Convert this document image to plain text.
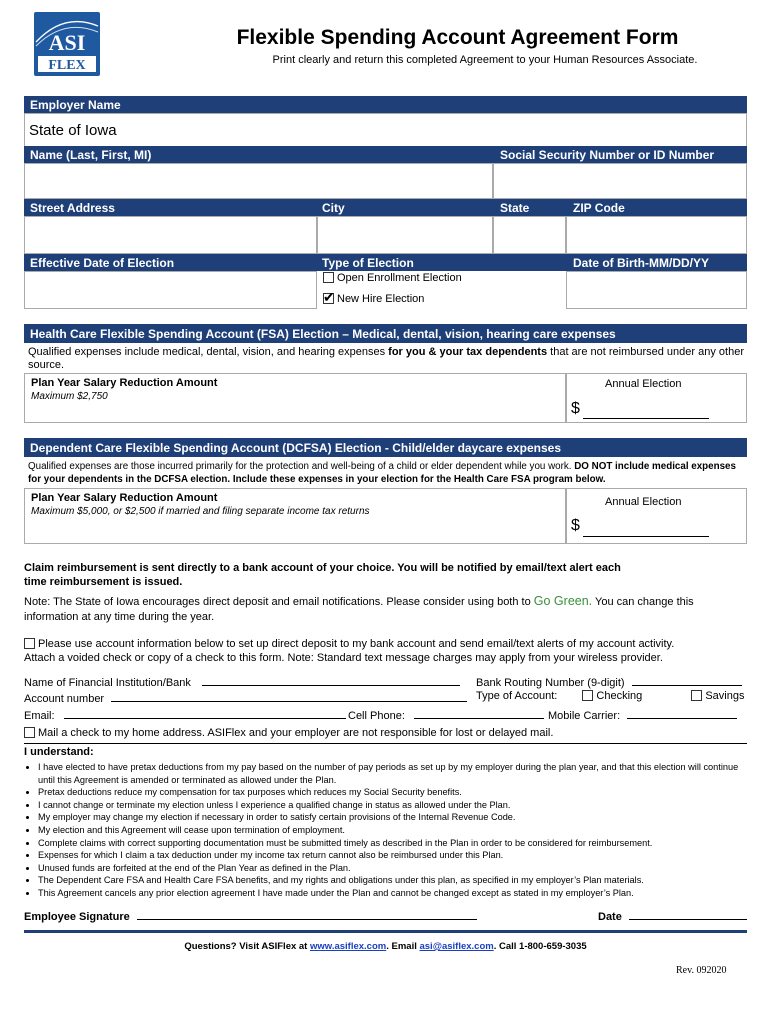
ASI
FLEX
Flexible Spending Account Agreement Form
Print clearly and return this completed Agreement to your Human Resources Associate.
Employer Name
State of Iowa
Name (Last, First, MI)	Social Security Number or ID Number
Street Address	City	State	ZIP Code
Effective Date of Election	Type of Election	Date of Birth-MM/DD/YY
Open Enrollment Election
✔New Hire Election
Health Care Flexible Spending Account (FSA) Election – Medical, dental, vision, hearing care expenses
Qualified expenses include medical, dental, vision, and hearing expenses for you & your tax dependents that are not reimbursed under any other source.
Plan Year Salary Reduction Amount
Maximum $2,750
Annual Election
$
Dependent Care Flexible Spending Account (DCFSA) Election - Child/elder daycare expenses
Qualified expenses are those incurred primarily for the protection and well-being of a child or elder dependent while you work. DO NOT include medical expenses for your dependents in the DCFSA election. Include these expenses in your election for the Health Care FSA program below.
Plan Year Salary Reduction Amount
Maximum $5,000, or $2,500 if married and filing separate income tax returns
Annual Election
$
Claim reimbursement is sent directly to a bank account of your choice. You will be notified by email/text alert each
time reimbursement is issued.
Note: The State of Iowa encourages direct deposit and email notifications. Please consider using both to Go Green. You can change this information at any time during the year.
Please use account information below to set up direct deposit to my bank account and send email/text alerts of my account activity.
Attach a voided check or copy of a check to this form. Note: Standard text message charges may apply from your wireless provider.
Name of Financial Institution/Bank	Bank Routing Number (9-digit)
Account number	Type of Account:	Checking	Savings
Email:	Cell Phone:	Mobile Carrier:
Mail a check to my home address. ASIFlex and your employer are not responsible for lost or delayed mail.
I understand:
• I have elected to have pretax deductions from my pay based on the number of pay periods as set up by my employer during the plan year, and that this election will continue until this Agreement is amended or terminated as allowed under the Plan.
• Pretax deductions reduce my compensation for tax purposes which reduces my Social Security benefits.
• I cannot change or terminate my election unless I experience a qualified change in status as allowed under the Plan.
• My employer may change my election if necessary in order to satisfy certain provisions of the Internal Revenue Code.
• My election and this Agreement will cease upon termination of employment.
• Complete claims with correct supporting documentation must be submitted timely as described in the Plan in order to be considered for reimbursement.
• Expenses for which I claim a tax deduction under my income tax return cannot also be reimbursed under this Plan.
• Unused funds are forfeited at the end of the Plan Year as defined in the Plan.
• The Dependent Care FSA and Health Care FSA benefits, and my rights and obligations under this plan, as specified in my employer’s Plan materials.
• This Agreement cancels any prior election agreement I have made under the Plan and cannot be changed except as stated in my employer’s Plan.
Employee Signature	Date
Questions? Visit ASIFlex at www.asiflex.com. Email asi@asiflex.com. Call 1-800-659-3035
Rev. 092020
